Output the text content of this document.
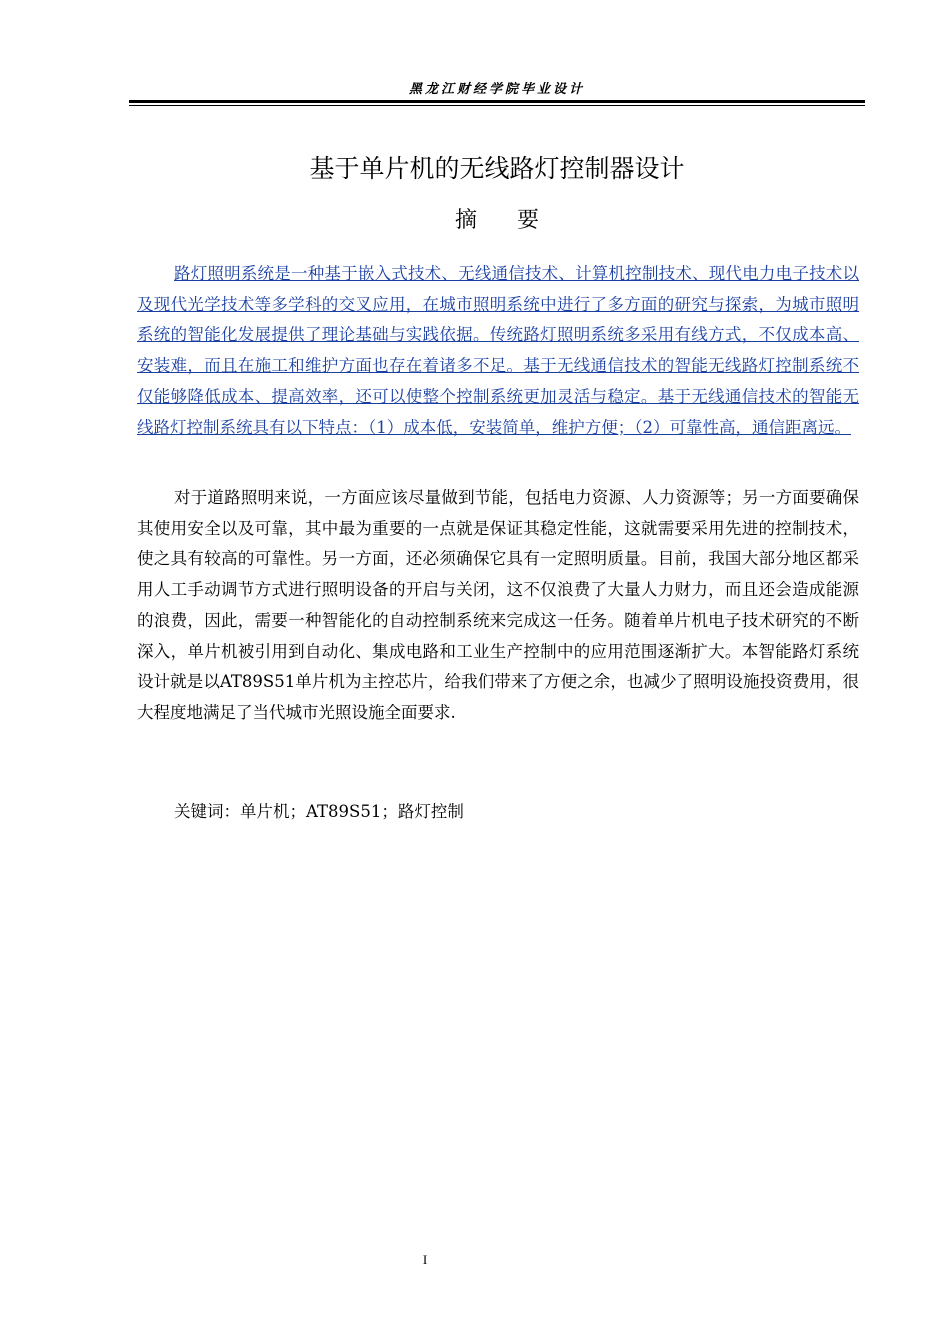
黑龙江财经学院毕业设计
基于单片机的无线路灯控制器设计
摘要

路灯照明系统是一种基于嵌入式技术、无线通信技术、计算机控制技术、现代电力电子技术以及现代光学技术等多学科的交叉应用，在城市照明系统中进行了多方面的研究与探索，为城市照明系统的智能化发展提供了理论基础与实践依据。传统路灯照明系统多采用有线方式，不仅成本高、安装难，而且在施工和维护方面也存在着诸多不足。基于无线通信技术的智能无线路灯控制系统不仅能够降低成本、提高效率，还可以使整个控制系统更加灵活与稳定。基于无线通信技术的智能无线路灯控制系统具有以下特点：（1）成本低，安装简单，维护方便；（2）可靠性高，通信距离远。

对于道路照明来说，一方面应该尽量做到节能，包括电力资源、人力资源等；另一方面要确保其使用安全以及可靠，其中最为重要的一点就是保证其稳定性能，这就需要采用先进的控制技术，使之具有较高的可靠性。另一方面，还必须确保它具有一定照明质量。目前，我国大部分地区都采用人工手动调节方式进行照明设备的开启与关闭，这不仅浪费了大量人力财力，而且还会造成能源的浪费，因此，需要一种智能化的自动控制系统来完成这一任务。随着单片机电子技术研究的不断深入，单片机被引用到自动化、集成电路和工业生产控制中的应用范围逐渐扩大。本智能路灯系统设计就是以AT89S51单片机为主控芯片，给我们带来了方便之余，也减少了照明设施投资费用，很大程度地满足了当代城市光照设施全面要求.

关键词：单片机；AT89S51；路灯控制
I
